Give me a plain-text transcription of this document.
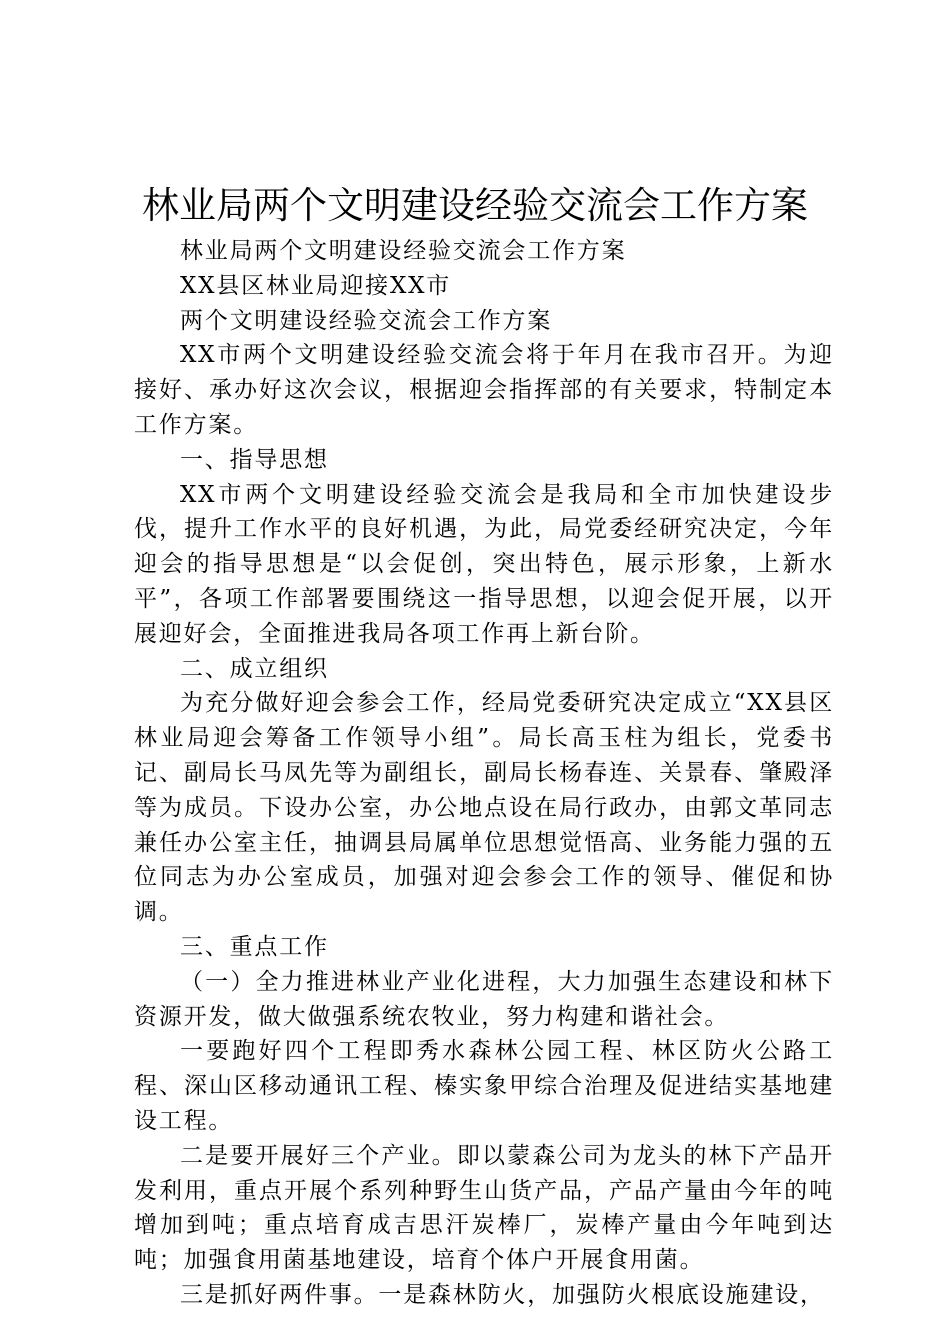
林业局两个文明建设经验交流会工作方案

林业局两个文明建设经验交流会工作方案

XX县区林业局迎接XX市

两个文明建设经验交流会工作方案

XX市两个文明建设经验交流会将于年月在我市召开。为迎接好、承办好这次会议，根据迎会指挥部的有关要求，特制定本工作方案。

一、指导思想

XX市两个文明建设经验交流会是我局和全市加快建设步伐，提升工作水平的良好机遇，为此，局党委经研究决定，今年迎会的指导思想是“以会促创，突出特色，展示形象，上新水平”，各项工作部署要围绕这一指导思想，以迎会促开展，以开展迎好会，全面推进我局各项工作再上新台阶。

二、成立组织

为充分做好迎会参会工作，经局党委研究决定成立“XX县区林业局迎会筹备工作领导小组”。局长高玉柱为组长，党委书记、副局长马凤先等为副组长，副局长杨春连、关景春、肇殿泽等为成员。下设办公室，办公地点设在局行政办，由郭文革同志兼任办公室主任，抽调县局属单位思想觉悟高、业务能力强的五位同志为办公室成员，加强对迎会参会工作的领导、催促和协调。

三、重点工作

（一）全力推进林业产业化进程，大力加强生态建设和林下资源开发，做大做强系统农牧业，努力构建和谐社会。

一要跑好四个工程即秀水森林公园工程、林区防火公路工程、深山区移动通讯工程、榛实象甲综合治理及促进结实基地建设工程。

二是要开展好三个产业。即以蒙森公司为龙头的林下产品开发利用，重点开展个系列种野生山货产品，产品产量由今年的吨增加到吨；重点培育成吉思汗炭棒厂，炭棒产量由今年吨到达吨；加强食用菌基地建设，培育个体户开展食用菌。

三是抓好两件事。一是森林防火，加强防火根底设施建设，
